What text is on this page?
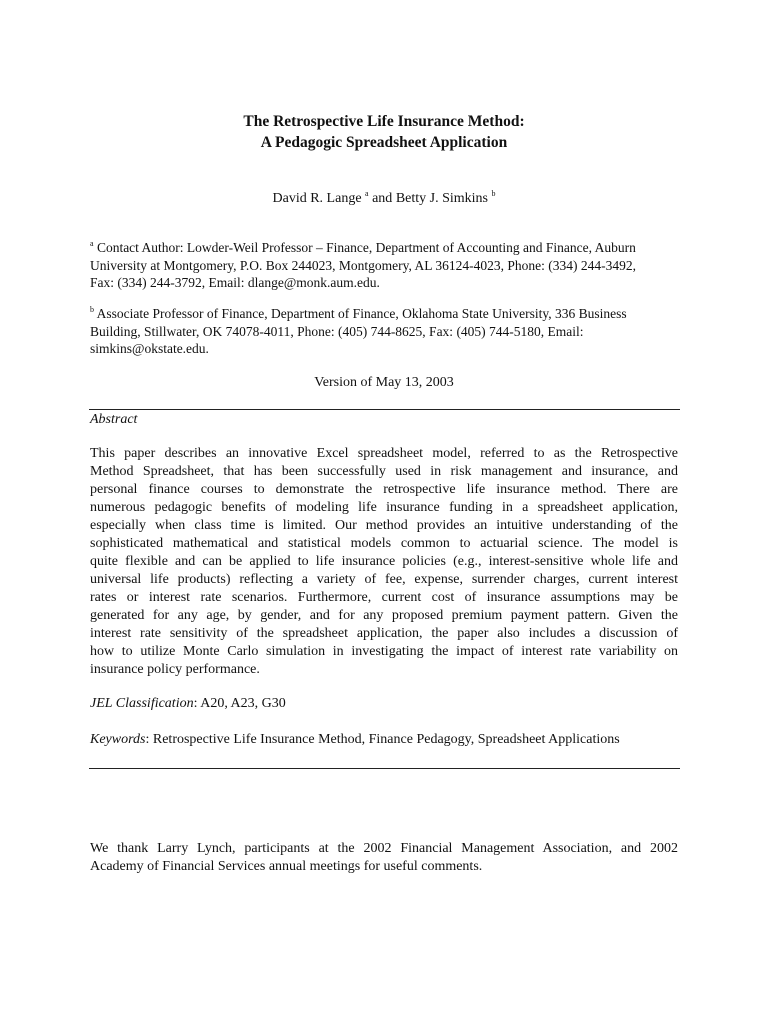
The Retrospective Life Insurance Method:
A Pedagogic Spreadsheet Application
David R. Lange $^a$ and Betty J. Simkins $^b$
$^a$ Contact Author: Lowder-Weil Professor – Finance, Department of Accounting and Finance, Auburn
University at Montgomery, P.O. Box 244023, Montgomery, AL 36124-4023, Phone: (334) 244-3492,
Fax: (334) 244-3792, Email: dlange@monk.aum.edu.
$^b$ Associate Professor of Finance, Department of Finance, Oklahoma State University, 336 Business
Building, Stillwater, OK 74078-4011, Phone: (405) 744-8625, Fax: (405) 744-5180, Email:
simkins@okstate.edu.
Version of May 13, 2003
Abstract
This paper describes an innovative Excel spreadsheet model, referred to as the Retrospective
Method Spreadsheet, that has been successfully used in risk management and insurance, and
personal finance courses to demonstrate the retrospective life insurance method. There are
numerous pedagogic benefits of modeling life insurance funding in a spreadsheet application,
especially when class time is limited. Our method provides an intuitive understanding of the
sophisticated mathematical and statistical models common to actuarial science. The model is
quite flexible and can be applied to life insurance policies (e.g., interest-sensitive whole life and
universal life products) reflecting a variety of fee, expense, surrender charges, current interest
rates or interest rate scenarios. Furthermore, current cost of insurance assumptions may be
generated for any age, by gender, and for any proposed premium payment pattern. Given the
interest rate sensitivity of the spreadsheet application, the paper also includes a discussion of
how to utilize Monte Carlo simulation in investigating the impact of interest rate variability on
insurance policy performance.
JEL Classification: A20, A23, G30
Keywords: Retrospective Life Insurance Method, Finance Pedagogy, Spreadsheet Applications
We thank Larry Lynch, participants at the 2002 Financial Management Association, and 2002
Academy of Financial Services annual meetings for useful comments.
